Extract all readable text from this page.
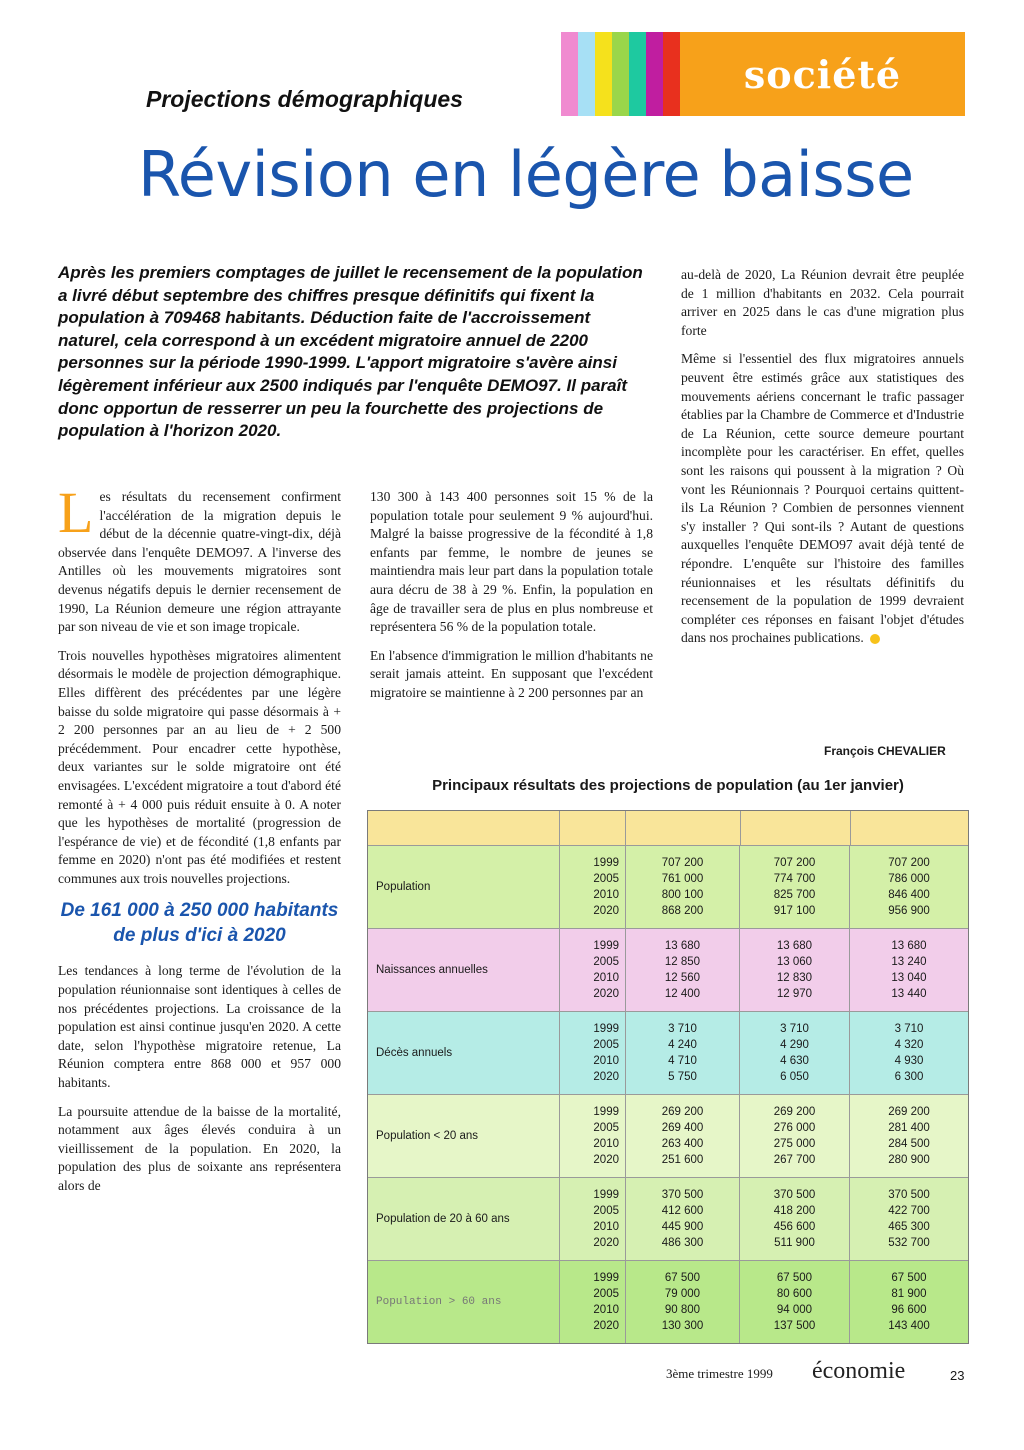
société
Projections démographiques
Révision en légère baisse
Après les premiers comptages de juillet le recensement de la population a livré début septembre des chiffres presque définitifs qui fixent la population à 709468 habitants. Déduction faite de l'accroissement naturel, cela correspond à un excédent migratoire annuel de 2200 personnes sur la période 1990-1999. L'apport migratoire s'avère ainsi légèrement inférieur aux 2500 indiqués par l'enquête DEMO97. Il paraît donc opportun de resserrer un peu la fourchette des projections de population à l'horizon 2020.

Les résultats du recensement confirment l'accélération de la migration depuis le début de la décennie quatre-vingt-dix, déjà observée dans l'enquête DEMO97. A l'inverse des Antilles où les mouvements migratoires sont devenus négatifs depuis le dernier recensement de 1990, La Réunion demeure une région attrayante par son niveau de vie et son image tropicale.

Trois nouvelles hypothèses migratoires alimentent désormais le modèle de projection démographique. Elles diffèrent des précédentes par une légère baisse du solde migratoire qui passe désormais à + 2 200 personnes par an au lieu de + 2 500 précédemment. Pour encadrer cette hypothèse, deux variantes sur le solde migratoire ont été envisagées. L'excédent migratoire a tout d'abord été remonté à + 4 000 puis réduit ensuite à 0. A noter que les hypothèses de mortalité (progression de l'espérance de vie) et de fécondité (1,8 enfants par femme en 2020) n'ont pas été modifiées et restent communes aux trois nouvelles projections.

De 161 000 à 250 000 habitants de plus d'ici à 2020

Les tendances à long terme de l'évolution de la population réunionnaise sont identiques à celles de nos précédentes projections. La croissance de la population est ainsi continue jusqu'en 2020. A cette date, selon l'hypothèse migratoire retenue, La Réunion comptera entre 868 000 et 957 000 habitants.

La poursuite attendue de la baisse de la mortalité, notamment aux âges élevés conduira à un vieillissement de la population. En 2020, la population des plus de soixante ans représentera alors de

130 300 à 143 400 personnes soit 15 % de la population totale pour seulement 9 % aujourd'hui. Malgré la baisse progressive de la fécondité à 1,8 enfants par femme, le nombre de jeunes se maintiendra mais leur part dans la population totale aura décru de 38 à 29 %. Enfin, la population en âge de travailler sera de plus en plus nombreuse et représentera 56 % de la population totale.

En l'absence d'immigration le million d'habitants ne serait jamais atteint. En supposant que l'excédent migratoire se maintienne à 2 200 personnes par an

au-delà de 2020, La Réunion devrait être peuplée de 1 million d'habitants en 2032. Cela pourrait arriver en 2025 dans le cas d'une migration plus forte

Même si l'essentiel des flux migratoires annuels peuvent être estimés grâce aux statistiques des mouvements aériens concernant le trafic passager établies par la Chambre de Commerce et d'Industrie de La Réunion, cette source demeure pourtant incomplète pour les caractériser. En effet, quelles sont les raisons qui poussent à la migration ? Où vont les Réunionnais ? Pourquoi certains quittent-ils La Réunion ? Combien de personnes viennent s'y installer ? Qui sont-ils ? Autant de questions auxquelles l'enquête DEMO97 avait déjà tenté de répondre. L'enquête sur l'histoire des familles réunionnaises et les résultats définitifs du recensement de la population de 1999 devraient compléter ces réponses en faisant l'objet d'études dans nos prochaines publications.

François CHEVALIER
Principaux résultats des projections de population (au 1er janvier)
Population
1999
2005
2010
2020
707 200
761 000
800 100
868 200
707 200
774 700
825 700
917 100
707 200
786 000
846 400
956 900
Naissances annuelles
1999
2005
2010
2020
13 680
12 850
12 560
12 400
13 680
13 060
12 830
12 970
13 680
13 240
13 040
13 440
Décès annuels
1999
2005
2010
2020
3 710
4 240
4 710
5 750
3 710
4 290
4 630
6 050
3 710
4 320
4 930
6 300
Population < 20 ans
1999
2005
2010
2020
269 200
269 400
263 400
251 600
269 200
276 000
275 000
267 700
269 200
281 400
284 500
280 900
Population de 20 à 60 ans
1999
2005
2010
2020
370 500
412 600
445 900
486 300
370 500
418 200
456 600
511 900
370 500
422 700
465 300
532 700
Population > 60 ans
1999
2005
2010
2020
67 500
79 000
90 800
130 300
67 500
80 600
94 000
137 500
67 500
81 900
96 600
143 400
3ème trimestre 1999 économie	23
